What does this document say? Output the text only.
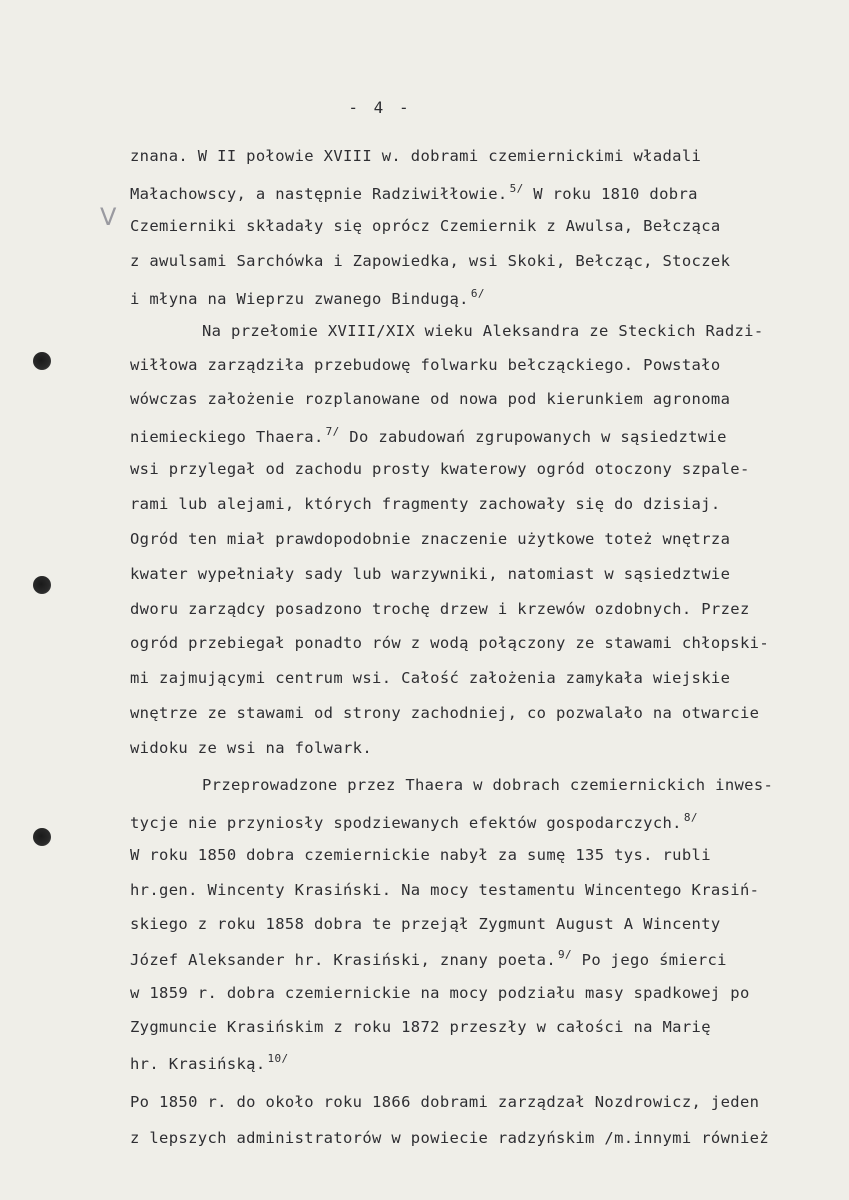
V
- 4 -
znana. W II połowie XVIII w. dobrami czemiernickimi władali
Małachowscy, a następnie Radziwiłłowie. $^{5/}$ W roku 1810 dobra
Czemierniki składały się oprócz Czemiernik z Awulsa, Bełcząca
z awulsami Sarchówka i Zapowiedka, wsi Skoki, Bełcząc, Stoczek
i młyna na Wieprzu zwanego Bindugą. $^{6/}$
Na przełomie XVIII/XIX wieku Aleksandra ze Steckich Radzi-
wiłłowa zarządziła przebudowę folwarku bełcząckiego. Powstało
wówczas założenie rozplanowane od nowa pod kierunkiem agronoma
niemieckiego Thaera. $^{7/}$ Do zabudowań zgrupowanych w sąsiedztwie
wsi przylegał od zachodu prosty kwaterowy ogród otoczony szpale-
rami lub alejami, których fragmenty zachowały się do dzisiaj.
Ogród ten miał prawdopodobnie znaczenie użytkowe toteż wnętrza
kwater wypełniały sady lub warzywniki, natomiast w sąsiedztwie
dworu zarządcy posadzono trochę drzew i krzewów ozdobnych. Przez
ogród przebiegał ponadto rów z wodą połączony ze stawami chłopski-
mi zajmującymi centrum wsi. Całość założenia zamykała wiejskie
wnętrze ze stawami od strony zachodniej, co pozwalało na otwarcie
widoku ze wsi na folwark.
Przeprowadzone przez Thaera w dobrach czemiernickich inwes-
tycje nie przyniosły spodziewanych efektów gospodarczych. $^{8/}$
W roku 1850 dobra czemiernickie nabył za sumę 135 tys. rubli
hr.gen. Wincenty Krasiński. Na mocy testamentu Wincentego Krasiń-
skiego z roku 1858 dobra te przejął Zygmunt August A Wincenty
Józef Aleksander hr. Krasiński, znany poeta. $^{9/}$ Po jego śmierci
w 1859 r. dobra czemiernickie na mocy podziału masy spadkowej po
Zygmuncie Krasińskim z roku 1872 przeszły w całości na Marię
hr. Krasińską. $^{10/}$
Po 1850 r. do około roku 1866 dobrami zarządzał Nozdrowicz, jeden
z lepszych administratorów w powiecie radzyńskim /m.innymi również
